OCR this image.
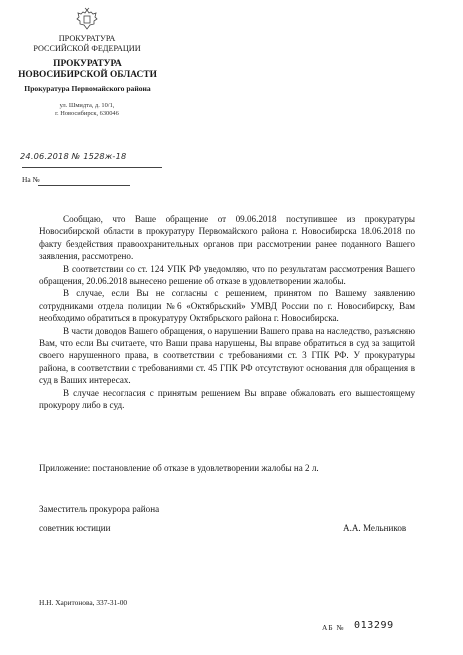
ПРОКУРАТУРА
РОССИЙСКОЙ ФЕДЕРАЦИИ
ПРОКУРАТУРА
НОВОСИБИРСКОЙ ОБЛАСТИ
Прокуратура Первомайского района
ул. Шмидта, д. 10/1,
г. Новосибирск, 630046
24.06.2018 № 1528ж-18
На №

Сообщаю, что Ваше обращение от 09.06.2018 поступившее из прокуратуры Новосибирской области в прокуратуру Первомайского района г. Новосибирска 18.06.2018 по факту бездействия правоохранительных органов при рассмотрении ранее поданного Вашего заявления, рассмотрено.

В соответствии со ст. 124 УПК РФ уведомляю, что по результатам рассмотрения Вашего обращения, 20.06.2018 вынесено решение об отказе в удовлетворении жалобы.

В случае, если Вы не согласны с решением, принятом по Вашему заявлению сотрудниками отдела полиции №6 «Октябрьский» УМВД России по г. Новосибирску, Вам необходимо обратиться в прокуратуру Октябрьского района г. Новосибирска.

В части доводов Вашего обращения, о нарушении Вашего права на наследство, разъясняю Вам, что если Вы считаете, что Ваши права нарушены, Вы вправе обратиться в суд за защитой своего нарушенного права, в соответствии с требованиями ст. 3 ГПК РФ. У прокуратуры района, в соответствии с требованиями ст. 45 ГПК РФ отсутствуют основания для обращения в суд в Ваших интересах.

В случае несогласия с принятым решением Вы вправе обжаловать его вышестоящему прокурору либо в суд.

Приложение: постановление об отказе в удовлетворении жалобы на 2 л.
Заместитель прокурора района
советник юстиции	А.А. Мельников
Н.Н. Харитонова, 337-31-00
АБ № 013299
